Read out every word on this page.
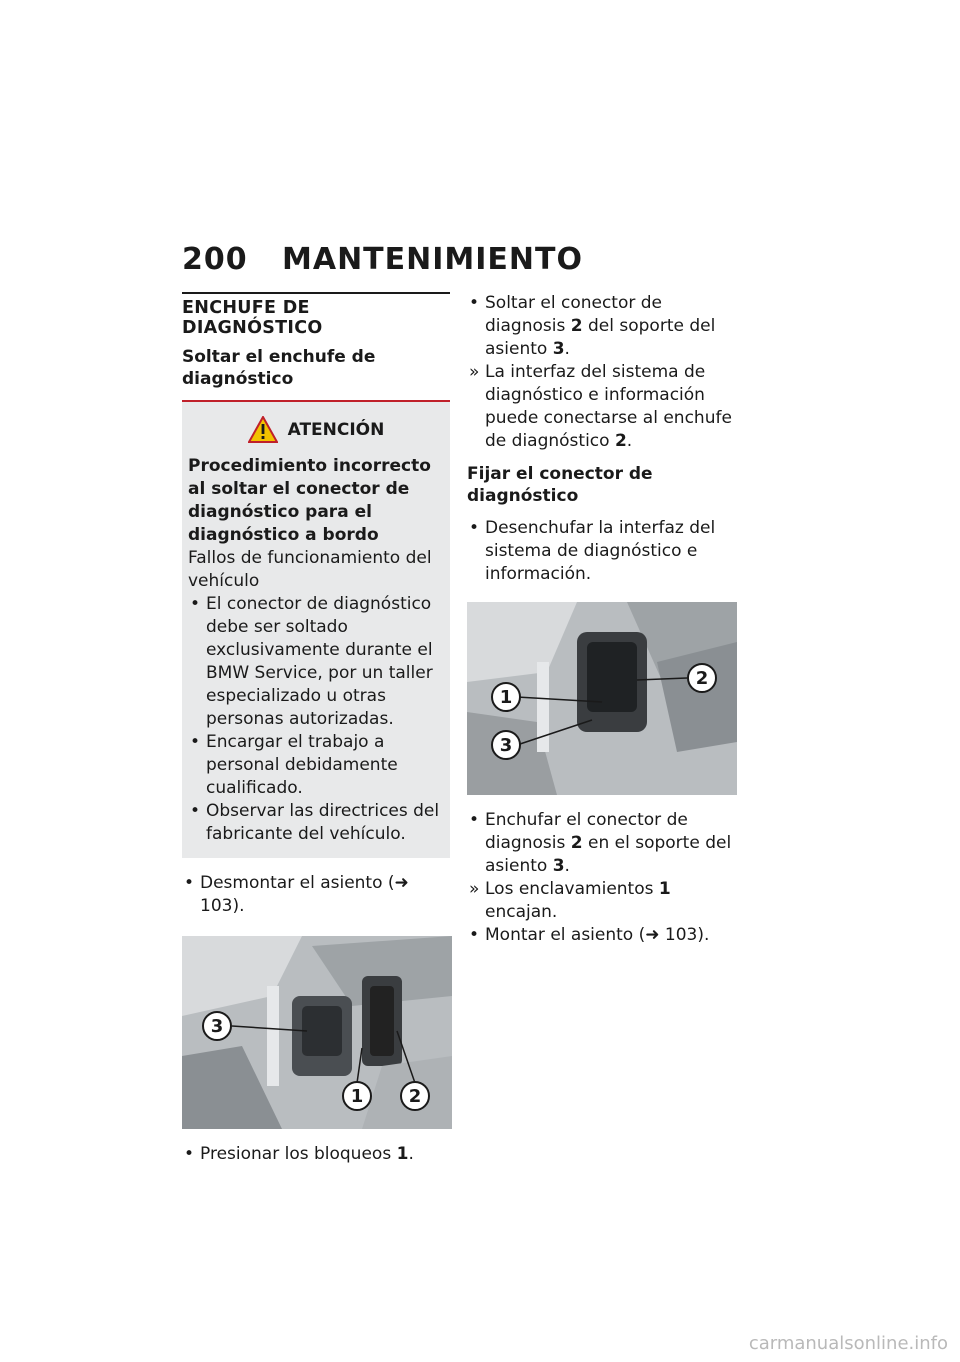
200	MANTENIMIENTO
ENCHUFE DE DIAGNÓSTICO
Soltar el enchufe de diagnóstico
ATENCIÓN
Procedimiento incorrecto al soltar el conector de diagnóstico para el diagnóstico a bordo
Fallos de funcionamiento del vehículo
• El conector de diagnóstico debe ser soltado exclusivamente durante el BMW Service, por un taller especializado u otras personas autorizadas.
• Encargar el trabajo a personal debidamente cualificado.
• Observar las directrices del fabricante del vehículo.
• Desmontar el asiento (➜ 103).
3
1	2
• Presionar los bloqueos 1.
• Soltar el conector de diagnosis 2 del soporte del asiento 3.
» La interfaz del sistema de diagnóstico e información puede conectarse al enchufe de diagnóstico 2.
Fijar el conector de diagnóstico
• Desenchufar la interfaz del sistema de diagnóstico e información.
1
3
2
• Enchufar el conector de diagnosis 2 en el soporte del asiento 3.
» Los enclavamientos 1 encajan.
• Montar el asiento (➜ 103).
carmanualsonline.info
